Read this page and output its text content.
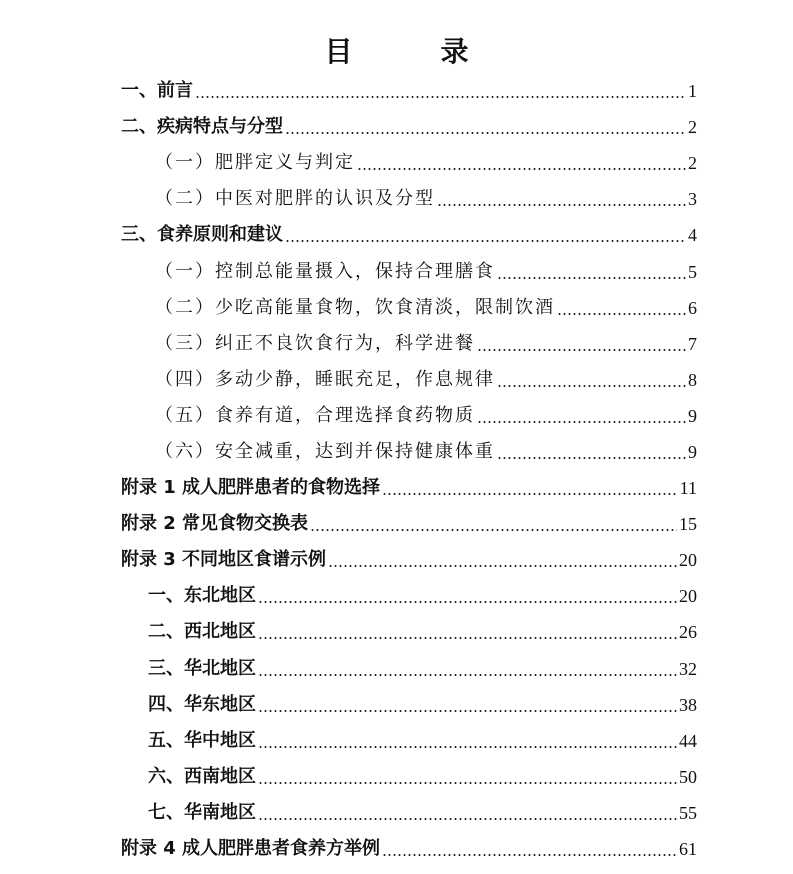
目　录
一、前言	1
二、疾病特点与分型	2
（一）肥胖定义与判定	2
（二）中医对肥胖的认识及分型	3
三、食养原则和建议	4
（一）控制总能量摄入，保持合理膳食	5
（二）少吃高能量食物，饮食清淡，限制饮酒	6
（三）纠正不良饮食行为，科学进餐	7
（四）多动少静，睡眠充足，作息规律	8
（五）食养有道，合理选择食药物质	9
（六）安全减重，达到并保持健康体重	9
附录 1 成人肥胖患者的食物选择	11
附录 2 常见食物交换表	15
附录 3 不同地区食谱示例	20
一、东北地区	20
二、西北地区	26
三、华北地区	32
四、华东地区	38
五、华中地区	44
六、西南地区	50
七、华南地区	55
附录 4 成人肥胖患者食养方举例	61
